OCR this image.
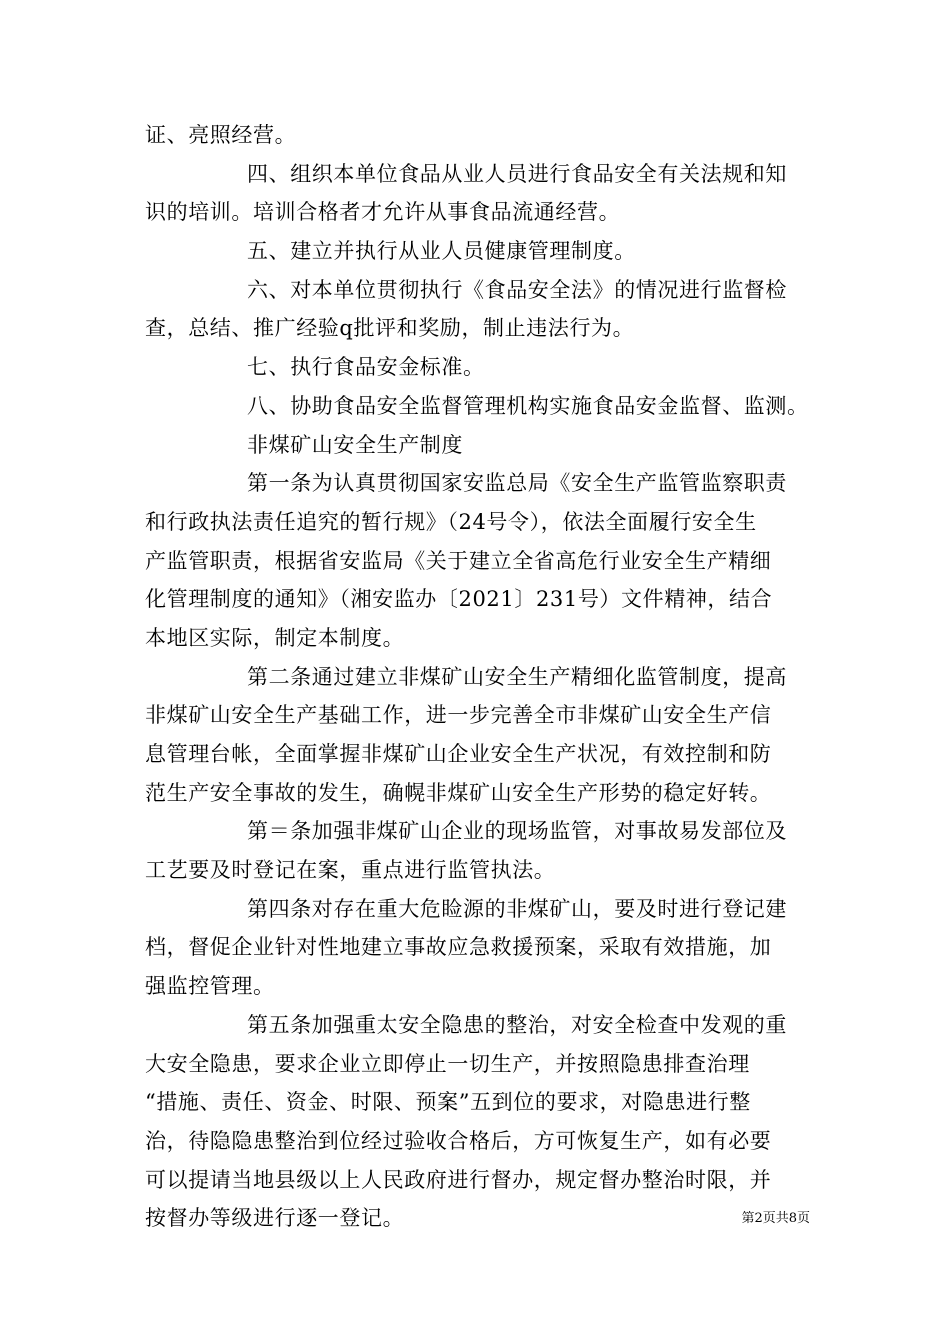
证、亮照经营。
四、组织本单位食品从业人员进行食品安全有关法规和知
识的培训。培训合格者才允许从事食品流通经营。
五、建立并执行从业人员健康管理制度。
六、对本单位贯彻执行《食品安全法》的情况进行监督检
查，总结、推广经验q批评和奖励，制止违法行为。
七、执行食品安金标准。
八、协助食品安全监督管理机构实施食品安金监督、监测。
非煤矿山安全生产制度
第一条为认真贯彻国家安监总局《安全生产监管监察职责
和行政执法责任追究的暂行规》（24号令），依法全面履行安全生
产监管职责，根据省安监局《关于建立全省高危行业安全生产精细
化管理制度的通知》（湘安监办〔2021〕231号）文件精神，结合
本地区实际，制定本制度。
第二条通过建立非煤矿山安全生产精细化监管制度，提高
非煤矿山安全生产基础工作，进一步完善全市非煤矿山安全生产信
息管理台帐，全面掌握非煤矿山企业安全生产状况，有效控制和防
范生产安全事故的发生，确幌非煤矿山安全生产形势的稳定好转。
第＝条加强非煤矿山企业的现场监管，对事故易发部位及
工艺要及时登记在案，重点进行监管执法。
第四条对存在重大危睑源的非煤矿山，要及时进行登记建
档，督促企业针对性地建立事故应急救援预案，采取有效措施，加
强监控管理。
第五条加强重太安全隐患的整治，对安全检查中发观的重
大安全隐患，要求企业立即停止一切生产，并按照隐患排查治理
“措施、责任、资金、时限、预案”五到位的要求，对隐患进行整
治，待隐隐患整治到位经过验收合格后，方可恢复生产，如有必要
可以提请当地县级以上人民政府进行督办，规定督办整治时限，并
按督办等级进行逐一登记。	第2页共8页
